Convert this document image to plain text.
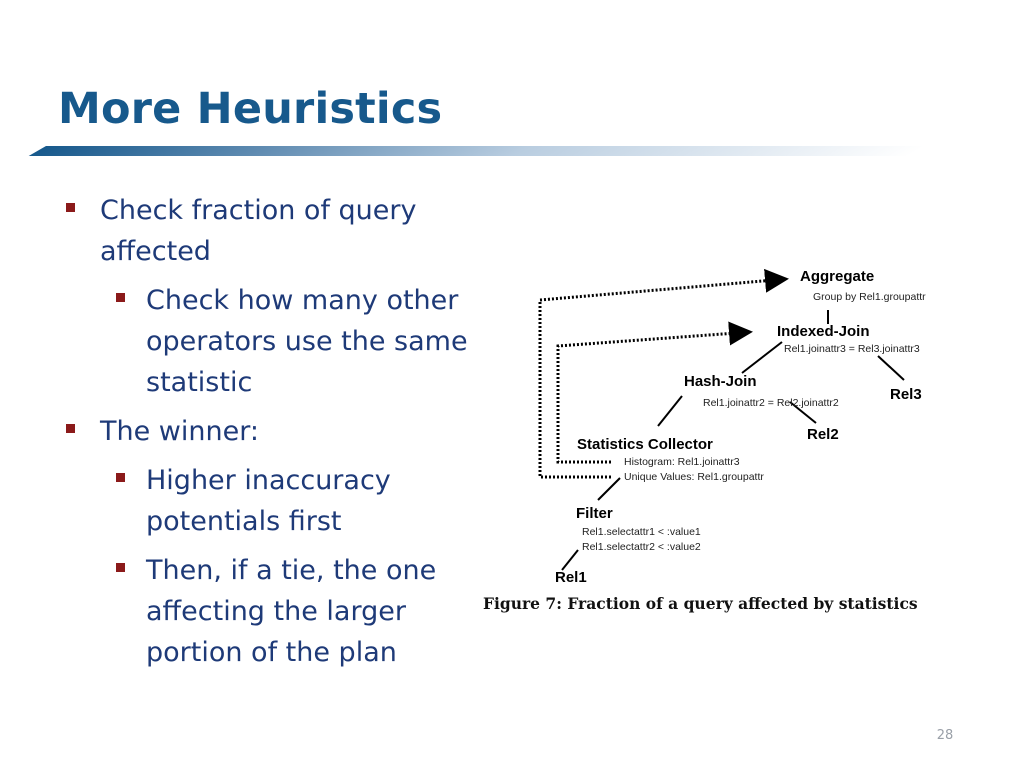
More Heuristics
Check fraction of query affected
Check how many other operators use the same statistic
The winner:
Higher inaccuracy potentials first
Then, if a tie, the one affecting the larger portion of the plan
Aggregate
Group by Rel1.groupattr
Indexed-Join
Rel1.joinattr3 = Rel3.joinattr3
Hash-Join
Rel1.joinattr2 = Rel2.joinattr2	Rel3
Rel2
Statistics Collector
Histogram: Rel1.joinattr3
Unique Values: Rel1.groupattr
Filter
Rel1.selectattr1 < :value1
Rel1.selectattr2 < :value2
Rel1

Figure 7: Fraction of a query affected by statistics

28
